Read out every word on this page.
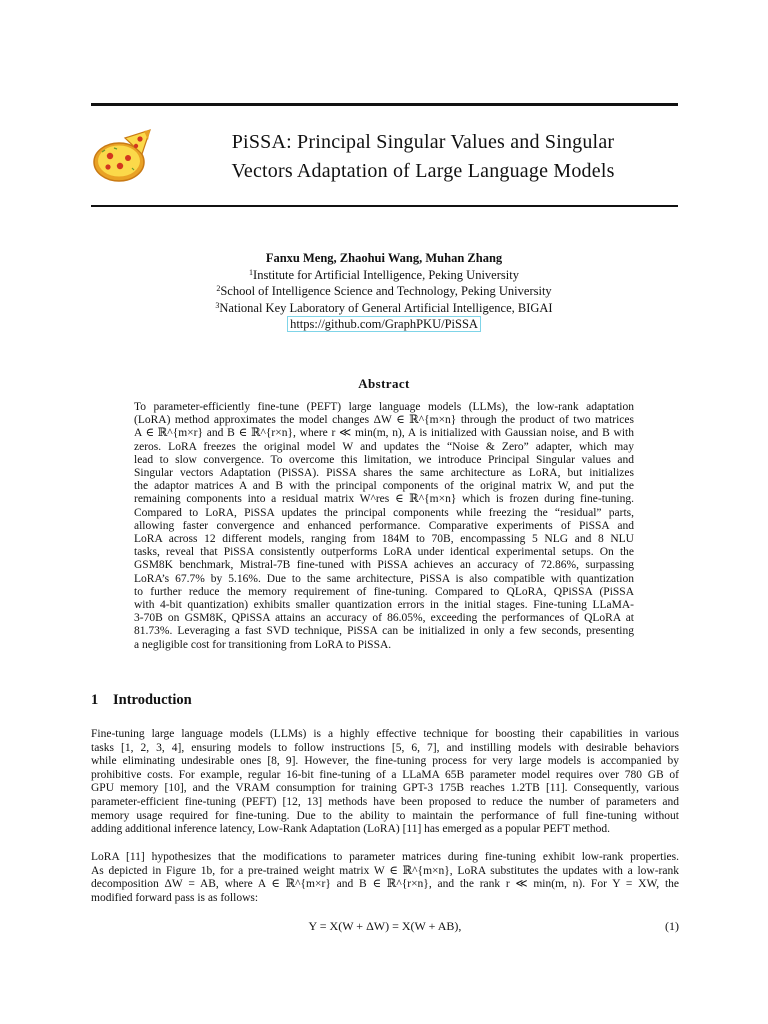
PiSSA: Principal Singular Values and Singular
Vectors Adaptation of Large Language Models
Fanxu Meng, Zhaohui Wang, Muhan Zhang
$^1$Institute for Artificial Intelligence, Peking University
$^2$School of Intelligence Science and Technology, Peking University
$^3$National Key Laboratory of General Artificial Intelligence, BIGAI
https://github.com/GraphPKU/PiSSA
Abstract
To parameter-efficiently fine-tune (PEFT) large language models (LLMs), the low-rank adaptation
(LoRA) method approximates the model changes ΔW ∈ ℝ^{m×n} through the product of two matrices
A ∈ ℝ^{m×r} and B ∈ ℝ^{r×n}, where r ≪ min(m, n), A is initialized with Gaussian noise, and B with
zeros. LoRA freezes the original model W and updates the “Noise & Zero” adapter, which may
lead to slow convergence. To overcome this limitation, we introduce Principal Singular values and
Singular vectors Adaptation (PiSSA). PiSSA shares the same architecture as LoRA, but initializes
the adaptor matrices A and B with the principal components of the original matrix W, and put the
remaining components into a residual matrix W^res ∈ ℝ^{m×n} which is frozen during fine-tuning.
Compared to LoRA, PiSSA updates the principal components while freezing the “residual” parts,
allowing faster convergence and enhanced performance. Comparative experiments of PiSSA and
LoRA across 12 different models, ranging from 184M to 70B, encompassing 5 NLG and 8 NLU
tasks, reveal that PiSSA consistently outperforms LoRA under identical experimental setups. On the
GSM8K benchmark, Mistral-7B fine-tuned with PiSSA achieves an accuracy of 72.86%, surpassing
LoRA’s 67.7% by 5.16%. Due to the same architecture, PiSSA is also compatible with quantization
to further reduce the memory requirement of fine-tuning. Compared to QLoRA, QPiSSA (PiSSA
with 4-bit quantization) exhibits smaller quantization errors in the initial stages. Fine-tuning LLaMA-
3-70B on GSM8K, QPiSSA attains an accuracy of 86.05%, exceeding the performances of QLoRA at
81.73%. Leveraging a fast SVD technique, PiSSA can be initialized in only a few seconds, presenting
a negligible cost for transitioning from LoRA to PiSSA.
1 Introduction
Fine-tuning large language models (LLMs) is a highly effective technique for boosting their capabilities in various
tasks [1, 2, 3, 4], ensuring models to follow instructions [5, 6, 7], and instilling models with desirable behaviors
while eliminating undesirable ones [8, 9]. However, the fine-tuning process for very large models is accompanied by
prohibitive costs. For example, regular 16-bit fine-tuning of a LLaMA 65B parameter model requires over 780 GB of
GPU memory [10], and the VRAM consumption for training GPT-3 175B reaches 1.2TB [11]. Consequently, various
parameter-efficient fine-tuning (PEFT) [12, 13] methods have been proposed to reduce the number of parameters and
memory usage required for fine-tuning. Due to the ability to maintain the performance of full fine-tuning without
adding additional inference latency, Low-Rank Adaptation (LoRA) [11] has emerged as a popular PEFT method.
LoRA [11] hypothesizes that the modifications to parameter matrices during fine-tuning exhibit low-rank properties.
As depicted in Figure 1b, for a pre-trained weight matrix W ∈ ℝ^{m×n}, LoRA substitutes the updates with a low-rank
decomposition ΔW = AB, where A ∈ ℝ^{m×r} and B ∈ ℝ^{r×n}, and the rank r ≪ min(m, n). For Y = XW, the
modified forward pass is as follows:
Y = X(W + ΔW) = X(W + AB),	(1)
